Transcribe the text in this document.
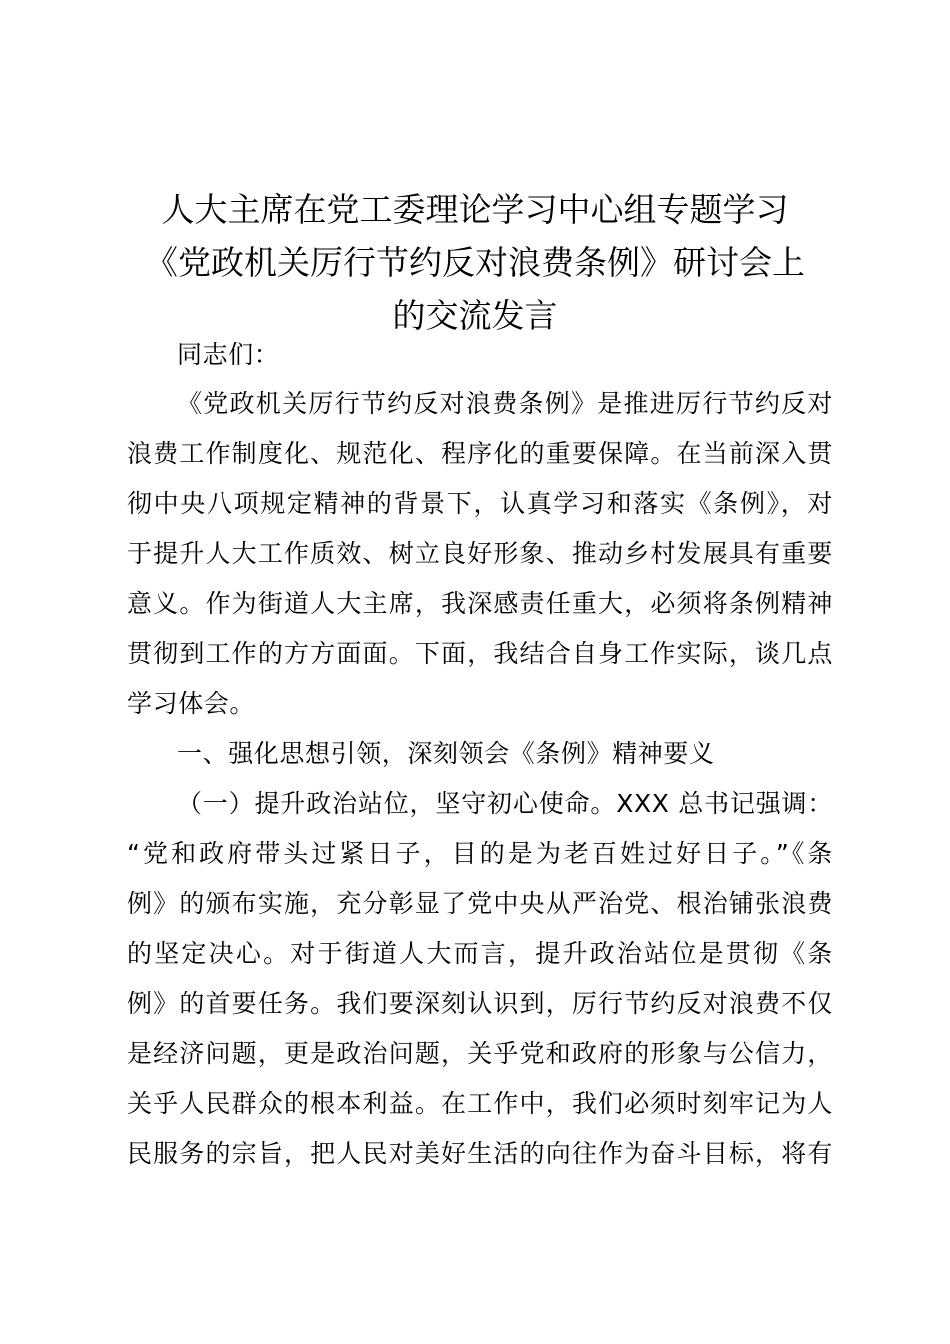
人大主席在党工委理论学习中心组专题学习
《党政机关厉行节约反对浪费条例》研讨会上
的交流发言
同志们：
《党政机关厉行节约反对浪费条例》是推进厉行节约反对
浪费工作制度化、规范化、程序化的重要保障。在当前深入贯
彻中央八项规定精神的背景下，认真学习和落实《条例》，对
于提升人大工作质效、树立良好形象、推动乡村发展具有重要
意义。作为街道人大主席，我深感责任重大，必须将条例精神
贯彻到工作的方方面面。下面，我结合自身工作实际，谈几点
学习体会。
一、强化思想引领，深刻领会《条例》精神要义
（一）提升政治站位，坚守初心使命。XXX 总书记强调：
“党和政府带头过紧日子，目的是为老百姓过好日子。”《条
例》的颁布实施，充分彰显了党中央从严治党、根治铺张浪费
的坚定决心。对于街道人大而言，提升政治站位是贯彻《条
例》的首要任务。我们要深刻认识到，厉行节约反对浪费不仅
是经济问题，更是政治问题，关乎党和政府的形象与公信力，
关乎人民群众的根本利益。在工作中，我们必须时刻牢记为人
民服务的宗旨，把人民对美好生活的向往作为奋斗目标，将有
